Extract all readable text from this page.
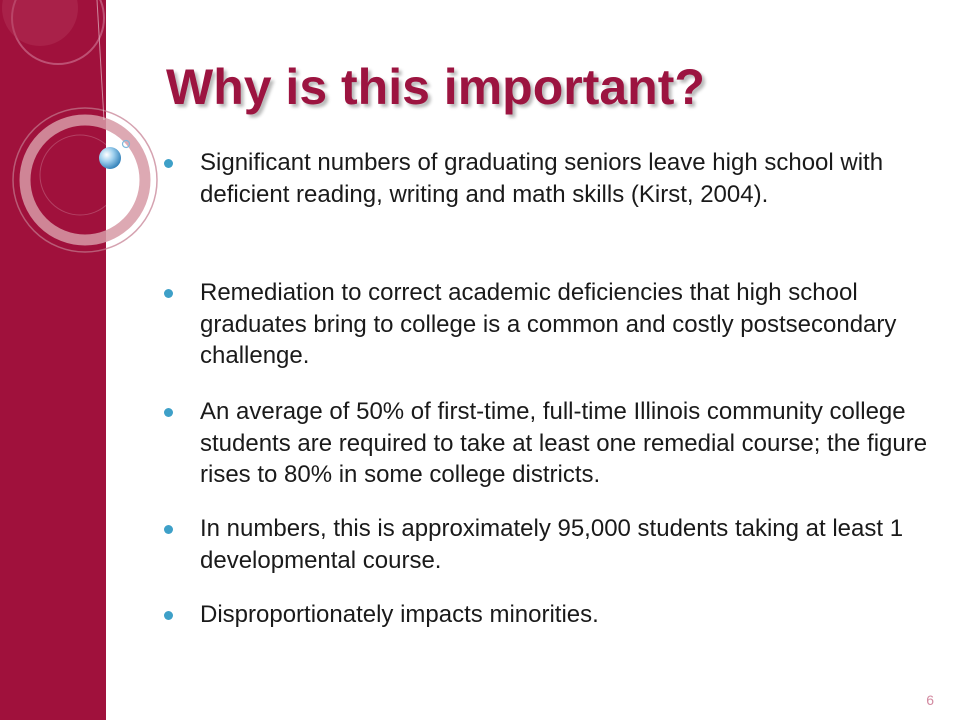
Why is this important?
Significant numbers of graduating seniors leave high school with deficient reading, writing and math skills (Kirst, 2004).
Remediation to correct academic deficiencies that high school graduates bring to college is a common and costly postsecondary challenge.
An average of 50% of first-time, full-time Illinois community college students are required to take at least one remedial course; the figure rises to 80% in some college districts.
In numbers, this is approximately 95,000 students taking at least 1 developmental course.
Disproportionately impacts minorities.
6
